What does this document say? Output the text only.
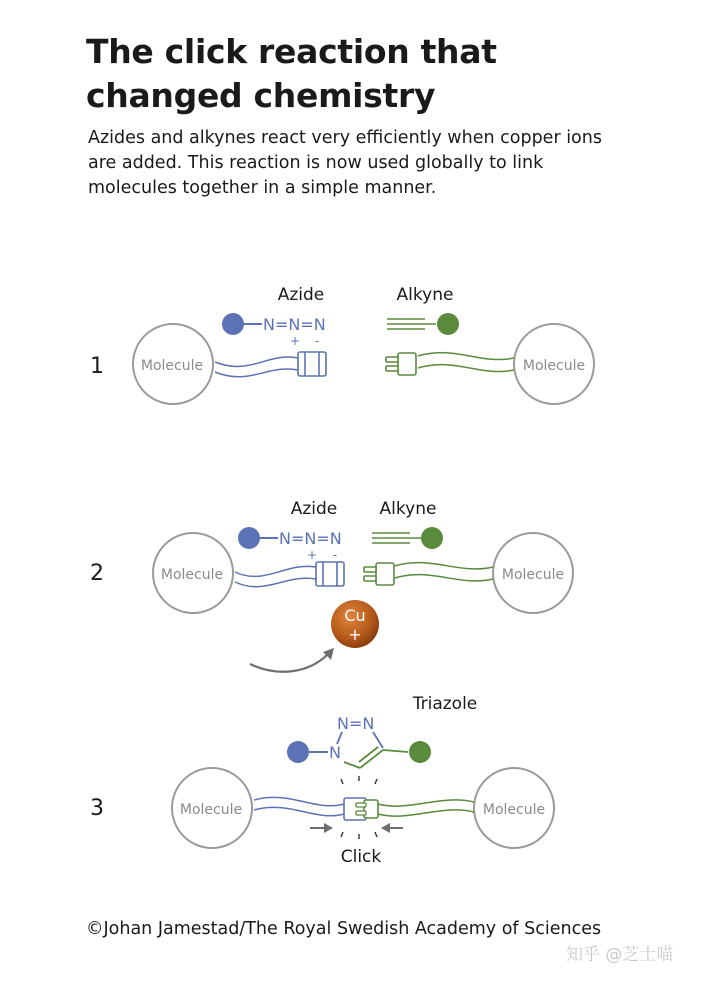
The click reaction that
changed chemistry

Azides and alkynes react very efficiently when copper ions
are added. This reaction is now used globally to link
molecules together in a simple manner.

1	Molecule	Molecule
Azide	Alkyne
N=N=N
+ -
2	Molecule	Molecule
Azide Alkyne
N=N=N
+ -
Cu
+
3	Molecule	Molecule
Triazole
N=N
N
Click
©Johan Jamestad/The Royal Swedish Academy of Sciences
知乎 @芝士喵
